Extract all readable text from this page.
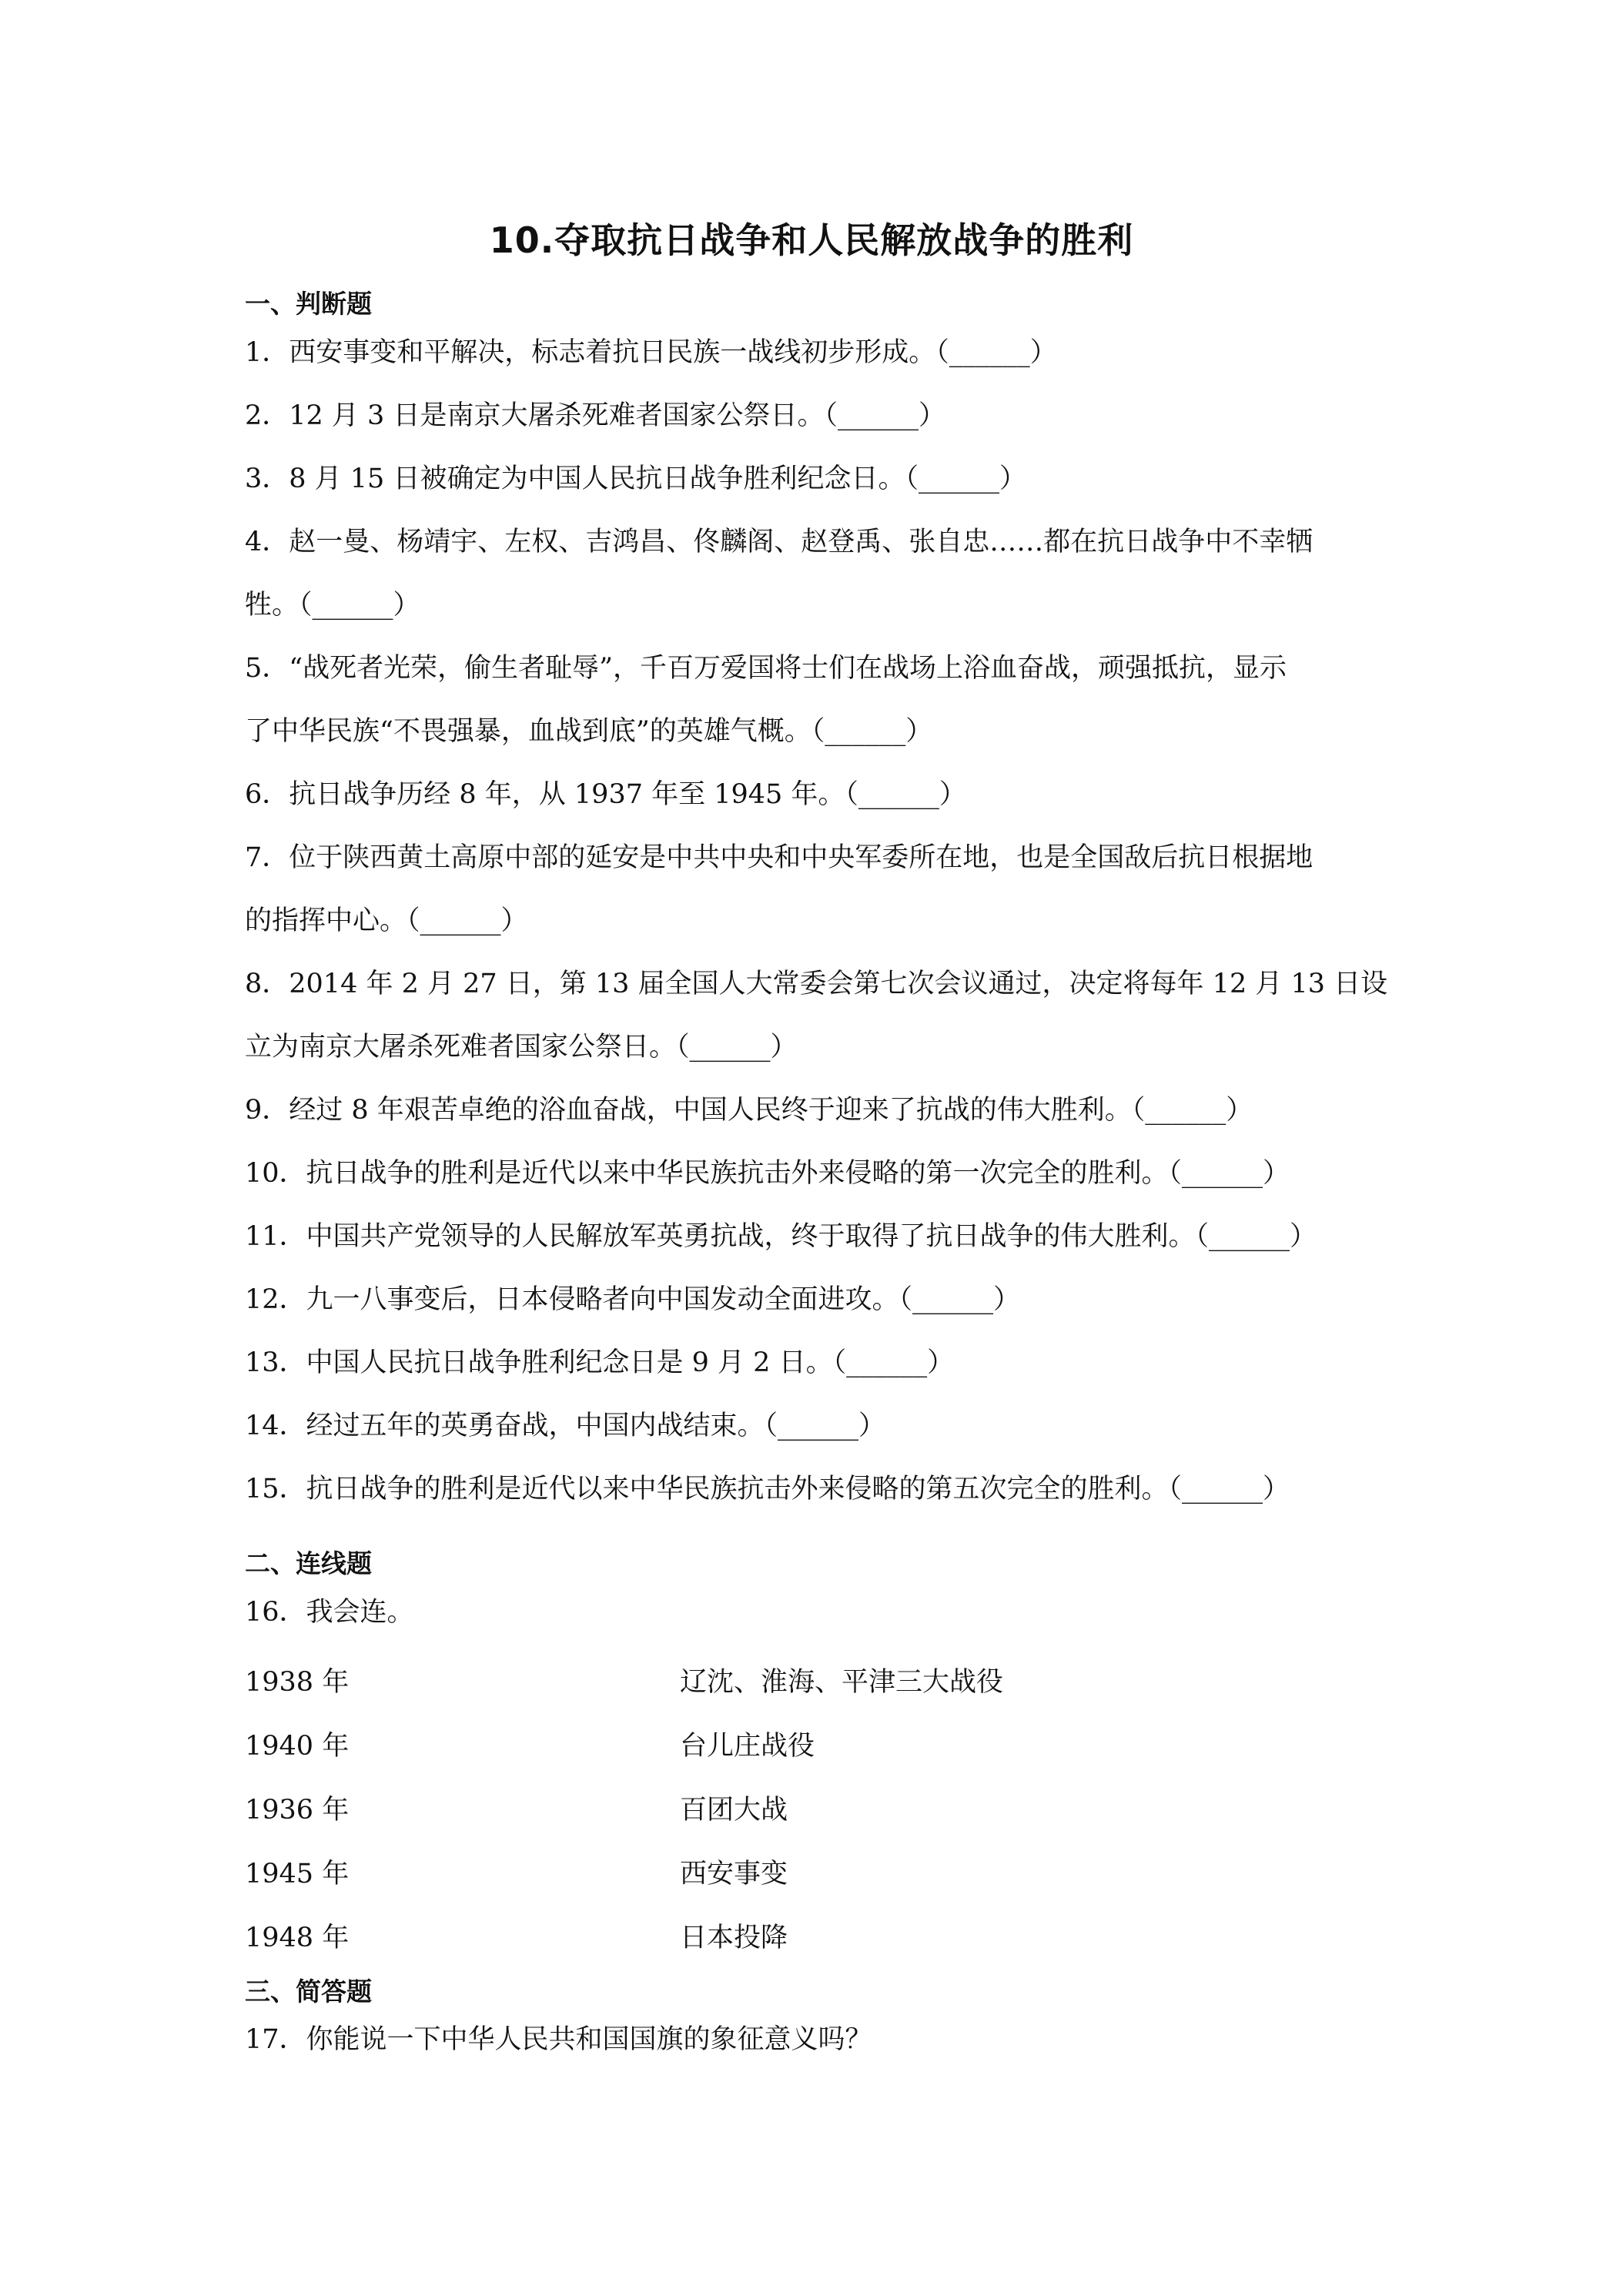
10.夺取抗日战争和人民解放战争的胜利
一、判断题
1．西安事变和平解决，标志着抗日民族一战线初步形成。（______）
2．12 月 3 日是南京大屠杀死难者国家公祭日。（______）
3．8 月 15 日被确定为中国人民抗日战争胜利纪念日。（______）
4．赵一曼、杨靖宇、左权、吉鸿昌、佟麟阁、赵登禹、张自忠……都在抗日战争中不幸牺
牲。（______）
5．“战死者光荣，偷生者耻辱”，千百万爱国将士们在战场上浴血奋战，顽强抵抗，显示
了中华民族“不畏强暴，血战到底”的英雄气概。（______）
6．抗日战争历经 8 年，从 1937 年至 1945 年。（______）
7．位于陕西黄土高原中部的延安是中共中央和中央军委所在地，也是全国敌后抗日根据地
的指挥中心。（______）
8．2014 年 2 月 27 日，第 13 届全国人大常委会第七次会议通过，决定将每年 12 月 13 日设
立为南京大屠杀死难者国家公祭日。（______）
9．经过 8 年艰苦卓绝的浴血奋战，中国人民终于迎来了抗战的伟大胜利。（______）
10．抗日战争的胜利是近代以来中华民族抗击外来侵略的第一次完全的胜利。（______）
11．中国共产党领导的人民解放军英勇抗战，终于取得了抗日战争的伟大胜利。（______）
12．九一八事变后，日本侵略者向中国发动全面进攻。（______）
13．中国人民抗日战争胜利纪念日是 9 月 2 日。（______）
14．经过五年的英勇奋战，中国内战结束。（______）
15．抗日战争的胜利是近代以来中华民族抗击外来侵略的第五次完全的胜利。（______）
二、连线题
16．我会连。
1938 年	辽沈、淮海、平津三大战役
1940 年	台儿庄战役
1936 年	百团大战
1945 年	西安事变
1948 年	日本投降
三、简答题
17．你能说一下中华人民共和国国旗的象征意义吗？
